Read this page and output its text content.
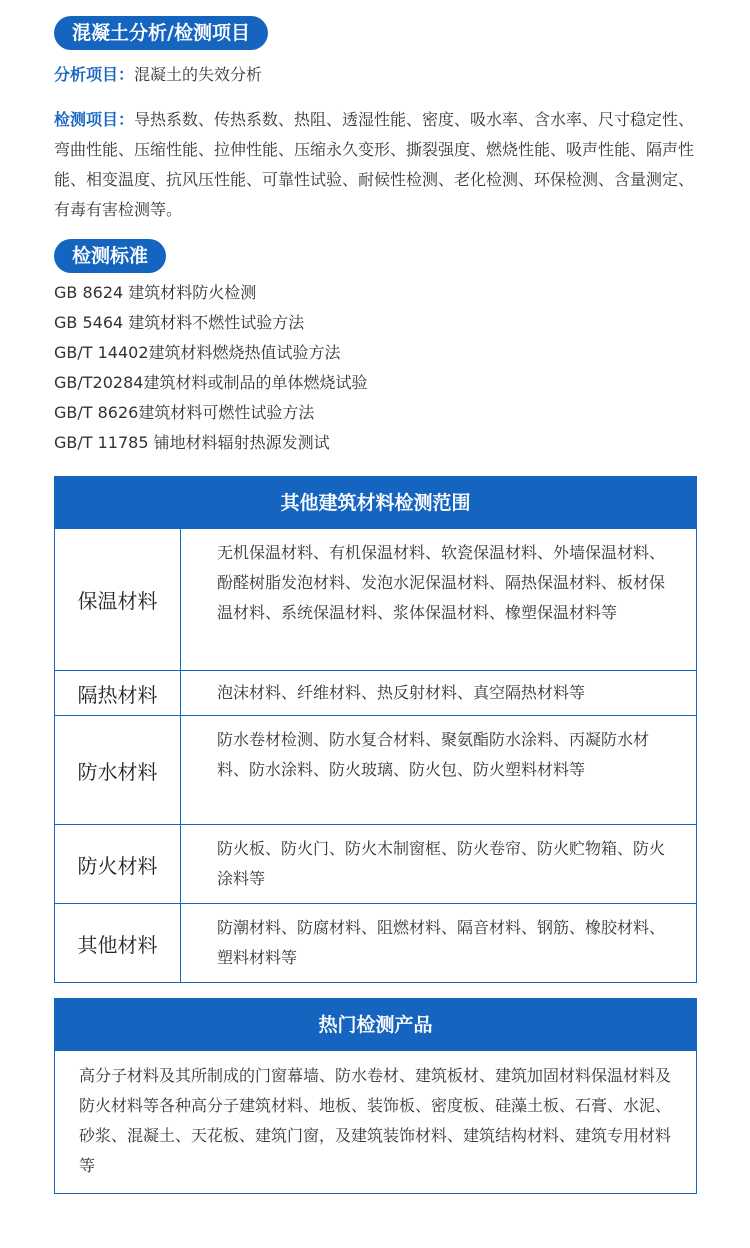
混凝土分析/检测项目

分析项目：混凝土的失效分析

检测项目：导热系数、传热系数、热阻、透湿性能、密度、吸水率、含水率、尺寸稳定性、弯曲性能、压缩性能、拉伸性能、压缩永久变形、撕裂强度、燃烧性能、吸声性能、隔声性能、相变温度、抗风压性能、可靠性试验、耐候性检测、老化检测、环保检测、含量测定、有毒有害检测等。

检测标准
GB 8624 建筑材料防火检测
GB 5464 建筑材料不燃性试验方法
GB/T 14402建筑材料燃烧热值试验方法
GB/T20284建筑材料或制品的单体燃烧试验
GB/T 8626建筑材料可燃性试验方法
GB/T 11785 铺地材料辐射热源发测试
其他建筑材料检测范围
保温材料
无机保温材料、有机保温材料、软瓷保温材料、外墙保温材料、酚醛树脂发泡材料、发泡水泥保温材料、隔热保温材料、板材保温材料、系统保温材料、浆体保温材料、橡塑保温材料等
隔热材料	泡沫材料、纤维材料、热反射材料、真空隔热材料等
防水材料
防水卷材检测、防水复合材料、聚氨酯防水涂料、丙凝防水材料、防水涂料、防火玻璃、防火包、防火塑料材料等
防火材料
防火板、防火门、防火木制窗框、防火卷帘、防火贮物箱、防火涂料等
其他材料
防潮材料、防腐材料、阻燃材料、隔音材料、钢筋、橡胶材料、塑料材料等
热门检测产品
高分子材料及其所制成的门窗幕墙、防水卷材、建筑板材、建筑加固材料保温材料及防火材料等各种高分子建筑材料、地板、装饰板、密度板、硅藻土板、石膏、水泥、砂浆、混凝土、天花板、建筑门窗，及建筑装饰材料、建筑结构材料、建筑专用材料等
